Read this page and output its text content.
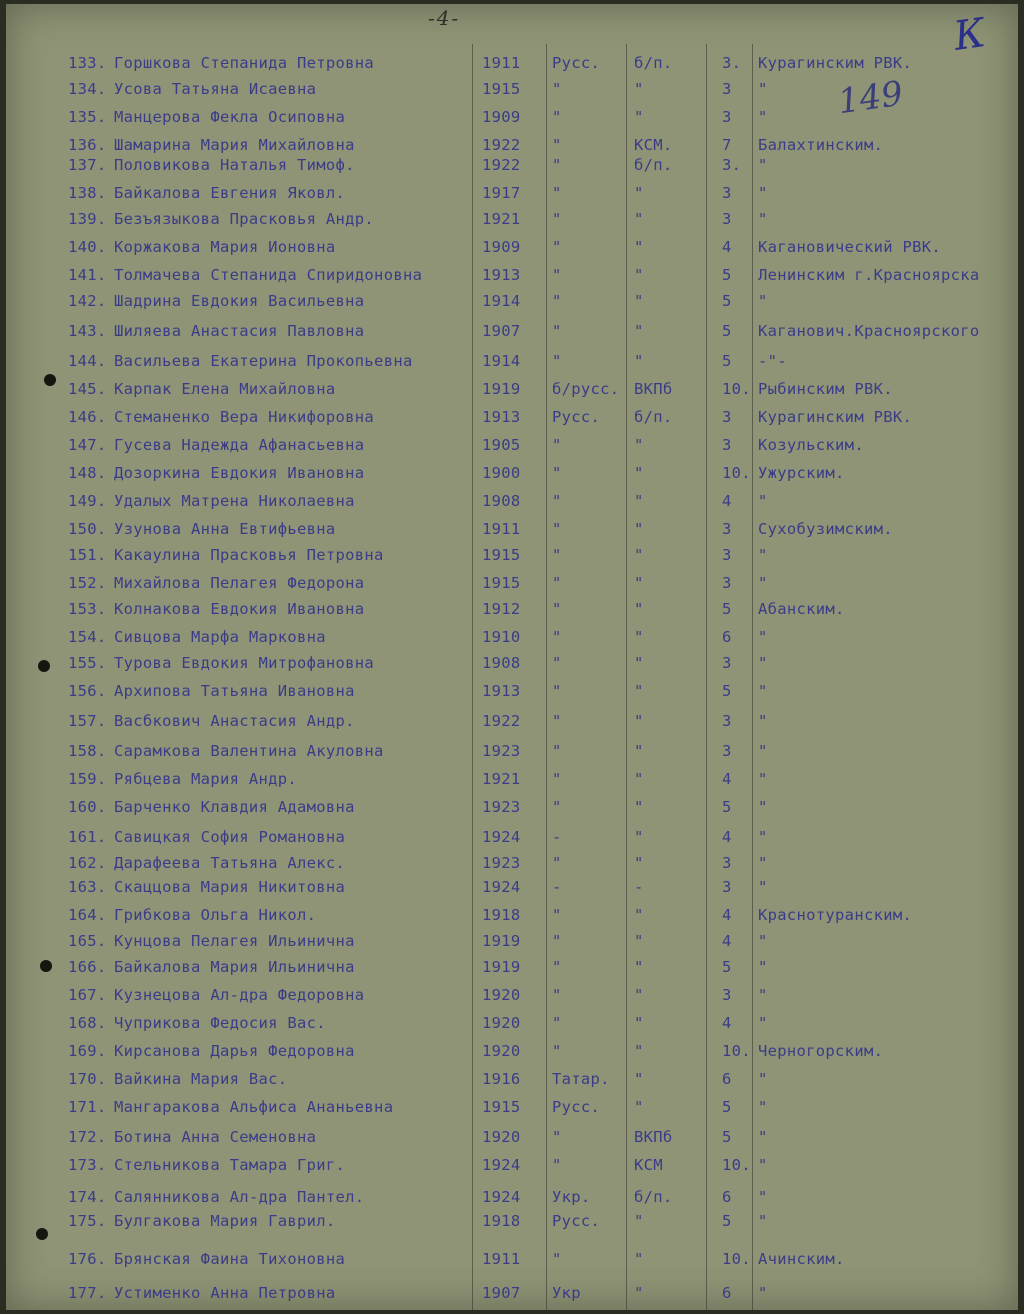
-4-	К
149
133. Горшкова Степанида Петровна	1911 Русс. б/п.	3.	Курагинским РВК.
134. Усова Татьяна Исаевна	1915 "	"	3	"
135. Манцерова Фекла Осиповна	1909 "	"	3	"
136. Шамарина Мария Михайловна	1922 "	КСМ.	7	Балахтинским.
137. Половикова Наталья Тимоф.	1922 "	б/п.	3.	"
138. Байкалова Евгения Яковл.	1917 "	"	3	"
139. Безъязыкова Прасковья Андр.	1921 "	"	3	"
140. Коржакова Мария Ионовна	1909 "	"	4	Кагановический РВК.
141. Толмачева Степанида Спиридоновна	1913 "	"	5	Ленинским г.Красноярска
142. Шадрина Евдокия Васильевна	1914 "	"	5	"
143. Шиляева Анастасия Павловна	1907 "	"	5	Каганович.Красноярского
144. Васильева Екатерина Прокопьевна	1914 "	"	5	-"-
145. Карпак Елена Михайловна	1919 б/русс. ВКПб	10. Рыбинским РВК.
146. Стеманенко Вера Никифоровна	1913 Русс. б/п.	3	Курагинским РВК.
147. Гусева Надежда Афанасьевна	1905 "	"	3	Козульским.
148. Дозоркина Евдокия Ивановна	1900 "	"	10. Ужурским.
149. Удалых Матрена Николаевна	1908 "	"	4	"
150. Узунова Анна Евтифьевна	1911 "	"	3	Сухобузимским.
151. Какаулина Прасковья Петровна	1915 "	"	3	"
152. Михайлова Пелагея Федорона	1915 "	"	3	"
153. Колнакова Евдокия Ивановна	1912 "	"	5	Абанским.
154. Сивцова Марфа Марковна	1910 "	"	6	"
155. Турова Евдокия Митрофановна	1908 "	"	3	"
156. Архипова Татьяна Ивановна	1913 "	"	5	"
157. Васбкович Анастасия Андр.	1922 "	"	3	"
158. Сарамкова Валентина Акуловна	1923 "	"	3	"
159. Рябцева Мария Андр.	1921 "	"	4	"
160. Барченко Клавдия Адамовна	1923 "	"	5	"
161. Савицкая София Романовна	1924 -	"	4	"
162. Дарафеева Татьяна Алекс.	1923 "	"	3	"
163. Скаццова Мария Никитовна	1924 -	-	3	"
164. Грибкова Ольга Никол.	1918 "	"	4	Краснотуранским.
165. Кунцова Пелагея Ильинична	1919 "	"	4	"
166. Байкалова Мария Ильинична	1919 "	"	5	"
167. Кузнецова Ал-дра Федоровна	1920 "	"	3	"
168. Чуприкова Федосия Вас.	1920 "	"	4	"
169. Кирсанова Дарья Федоровна	1920 "	"	10. Черногорским.
170. Вайкина Мария Вас.	1916 Татар. "	6	"
171. Мангаракова Альфиса Ананьевна	1915 Русс. "	5	"
172. Ботина Анна Семеновна	1920 "	ВКПб	5	"
173. Стельникова Тамара Григ.	1924 "	КСМ	10. "
174. Салянникова Ал-дра Пантел.	1924 Укр.	б/п.	6	"
175. Булгакова Мария Гаврил.	1918 Русс. "	5	"
176. Брянская Фаина Тихоновна	1911 "	"	10. Ачинским.
177. Устименко Анна Петровна	1907 Укр	"	6	"
